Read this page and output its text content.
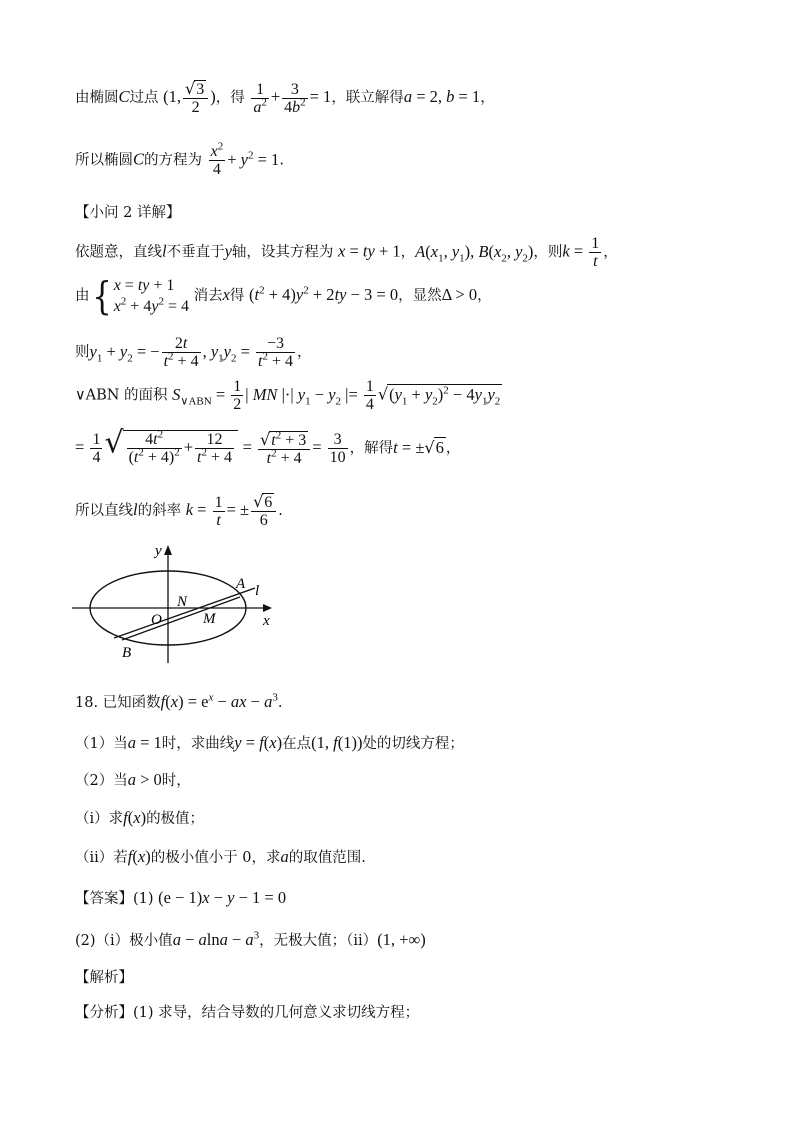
由椭圆C过点 (1, $\frac{√3}{2}$ )，得 $\frac{1}{a^2} + \frac{3}{4b^2} = 1$，联立解得a = 2, b = 1，
所以椭圆C的方程为 $\frac{x^2}{4} + y^2 = 1$.
【小问 2 详解】
依题意，直线l不垂直于y轴，设其方程为 x = ty + 1，$A(x_1$, $y_1$), $B(x_2$, $y_2$)，则$k = \frac{1}{t}$ ，
由{ x = ty + 1
$x^2 + 4y^2 = 4$ 消去x得 $(t^2 + 4)y^2 + 2ty - 3 = 0$，显然Δ > 0，
则$y_1 + y_2$ = − $\frac{2t}{t^2 + 4}$ , $y_1y_2 = \frac{-3}{t^2 + 4}$ ，
∨ABN 的面积 $S_{\vee ABN} = \frac{1}{2}$ | MN |·| $y_1 - y_2$ |= $\frac{1}{4} √(y_1 + y_2)^2 - 4y_1y_2$
= $\frac{1}{4}$ √ $\frac{4t^2}{(t^2 + 4)^2} + \frac{12}{t^2 + 4} = \frac{√t^2 + 3}{t^2 + 4} = \frac{3}{10}$ ，解得t = ±√6 ，
所以直线l的斜率 $k = \frac{1}{t}$ = ± $\frac{√6}{6}$ .
y
x
A l
N
O	M
B
18. 已知函数$f(x) = e^x$ − ax − $a^3$.
（1）当a = 1时，求曲线y = f(x)在点(1, f(1))处的切线方程；
（2）当a > 0时，
（ⅰ）求f(x)的极值；
（ⅱ）若f(x)的极小值小于 0，求a的取值范围.
【答案】(1) (e − 1)x − y − 1 = 0
(2)（ⅰ）极小值$a - alna - a^3$，无极大值；（ⅱ）(1, +∞)
【解析】
【分析】(1) 求导，结合导数的几何意义求切线方程；
